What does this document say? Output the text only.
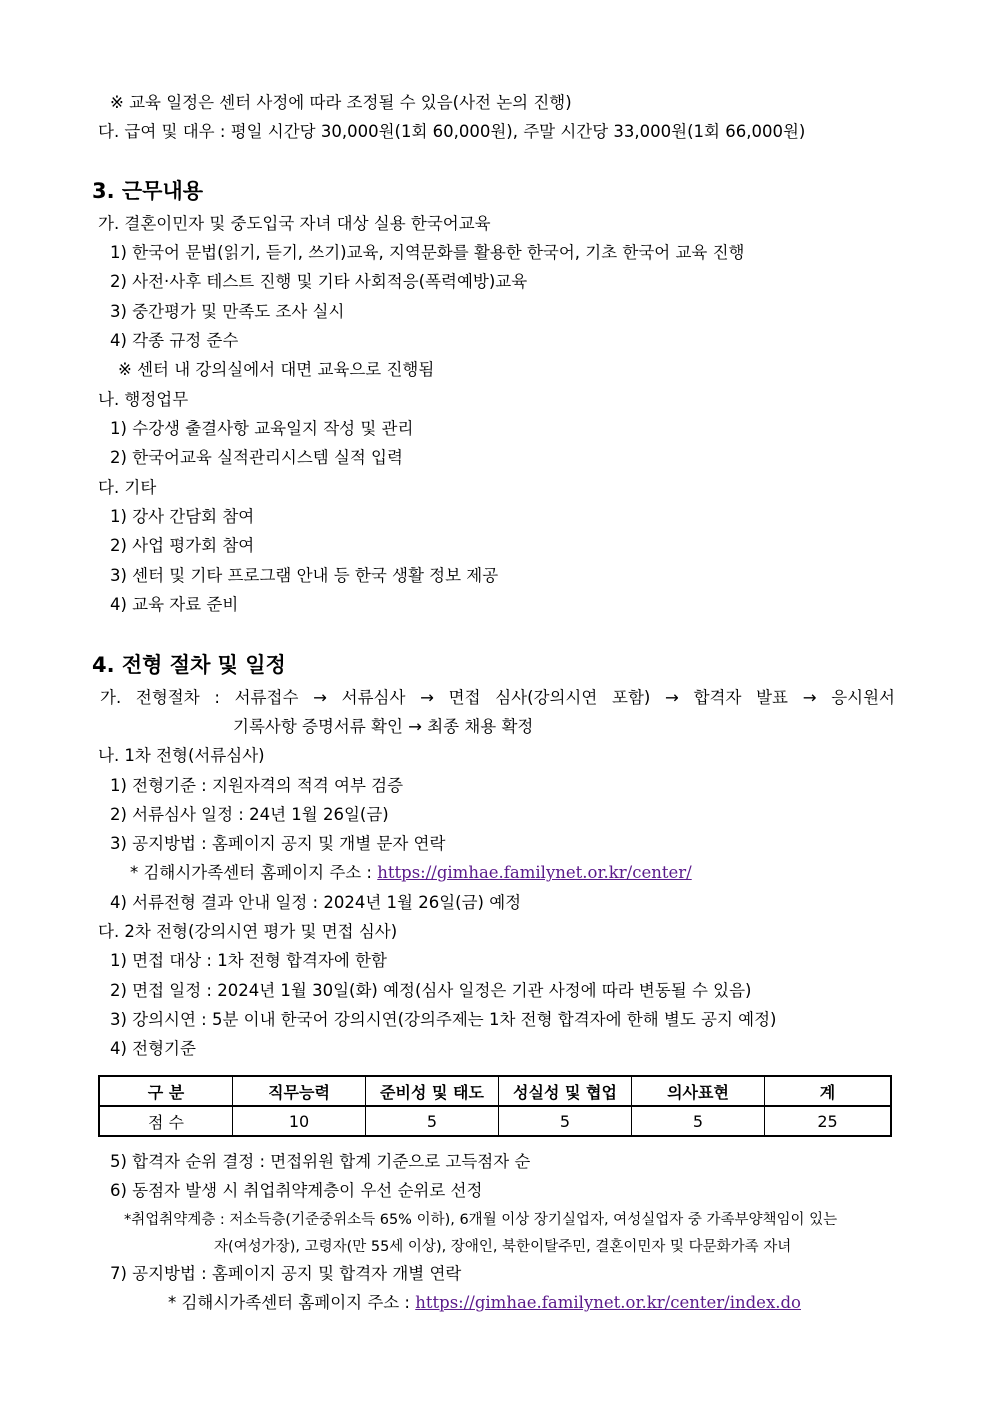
※ 교육 일정은 센터 사정에 따라 조정될 수 있음(사전 논의 진행)
다. 급여 및 대우 : 평일 시간당 30,000원(1회 60,000원), 주말 시간당 33,000원(1회 66,000원)
3. 근무내용
가. 결혼이민자 및 중도입국 자녀 대상 실용 한국어교육
1) 한국어 문법(읽기, 듣기, 쓰기)교육, 지역문화를 활용한 한국어, 기초 한국어 교육 진행
2) 사전·사후 테스트 진행 및 기타 사회적응(폭력예방)교육
3) 중간평가 및 만족도 조사 실시
4) 각종 규정 준수
※ 센터 내 강의실에서 대면 교육으로 진행됨
나. 행정업무
1) 수강생 출결사항 교육일지 작성 및 관리
2) 한국어교육 실적관리시스템 실적 입력
다. 기타
1) 강사 간담회 참여
2) 사업 평가회 참여
3) 센터 및 기타 프로그램 안내 등 한국 생활 정보 제공
4) 교육 자료 준비
4. 전형 절차 및 일정
가. 전형절차 : 서류접수 → 서류심사 → 면접 심사(강의시연 포함) → 합격자 발표 → 응시원서
기록사항 증명서류 확인 → 최종 채용 확정
나. 1차 전형(서류심사)
1) 전형기준 : 지원자격의 적격 여부 검증
2) 서류심사 일정 : 24년 1월 26일(금)
3) 공지방법 : 홈페이지 공지 및 개별 문자 연락
* 김해시가족센터 홈페이지 주소 : https://gimhae.familynet.or.kr/center/
4) 서류전형 결과 안내 일정 : 2024년 1월 26일(금) 예정
다. 2차 전형(강의시연 평가 및 면접 심사)
1) 면접 대상 : 1차 전형 합격자에 한함
2) 면접 일정 : 2024년 1월 30일(화) 예정(심사 일정은 기관 사정에 따라 변동될 수 있음)
3) 강의시연 : 5분 이내 한국어 강의시연(강의주제는 1차 전형 합격자에 한해 별도 공지 예정)
4) 전형기준
구 분	직무능력	준비성 및 태도	성실성 및 협업	의사표현	계
점 수	10	5	5	5	25
5) 합격자 순위 결정 : 면접위원 합계 기준으로 고득점자 순
6) 동점자 발생 시 취업취약계층이 우선 순위로 선정
*취업취약계층 : 저소득층(기준중위소득 65% 이하), 6개월 이상 장기실업자, 여성실업자 중 가족부양책임이 있는
자(여성가장), 고령자(만 55세 이상), 장애인, 북한이탈주민, 결혼이민자 및 다문화가족 자녀
7) 공지방법 : 홈페이지 공지 및 합격자 개별 연락
* 김해시가족센터 홈페이지 주소 : https://gimhae.familynet.or.kr/center/index.do
